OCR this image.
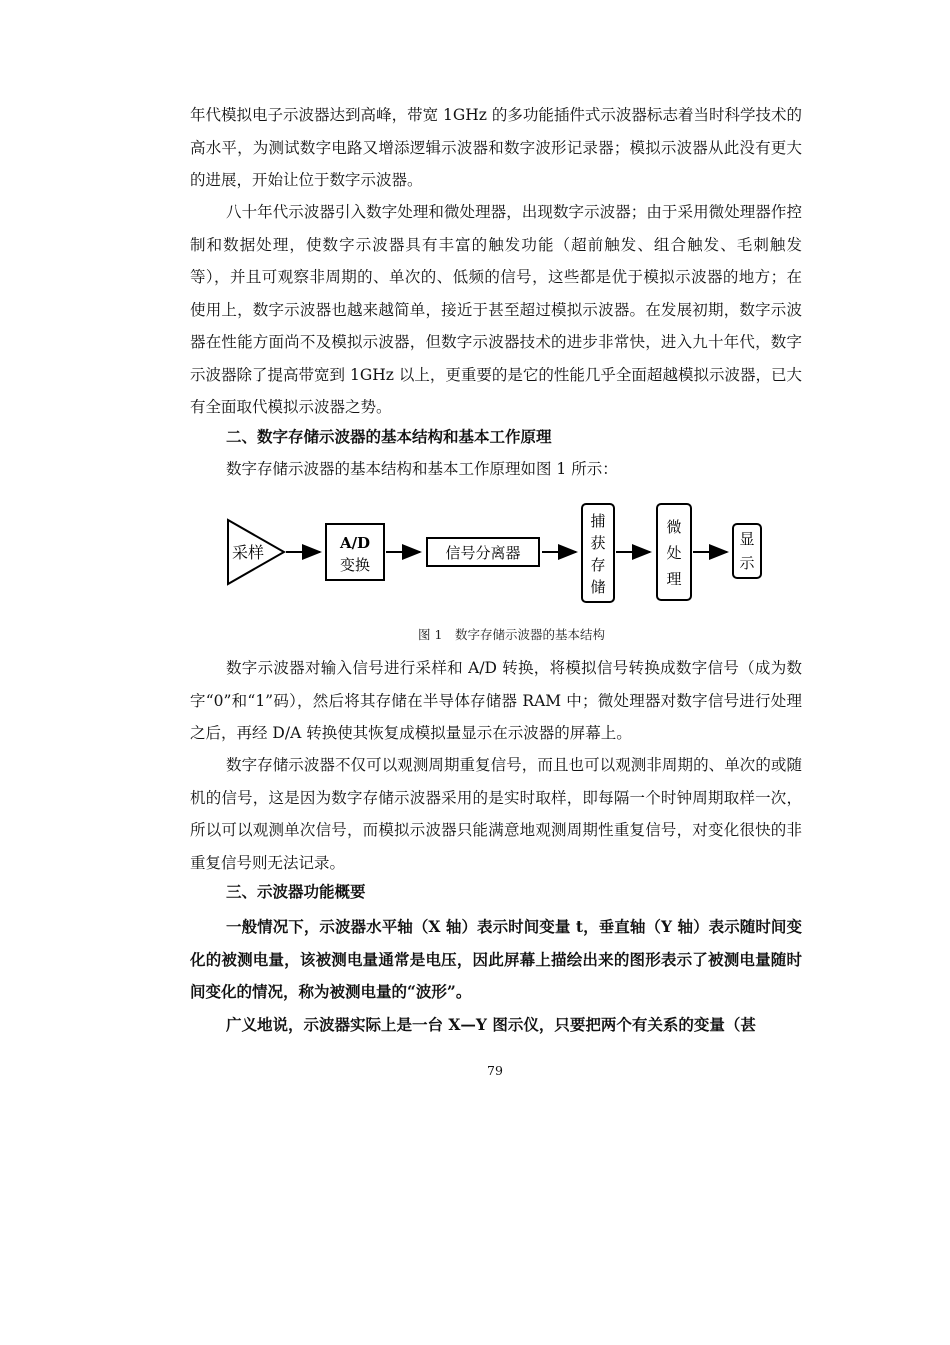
年代模拟电子示波器达到高峰，带宽 1GHz 的多功能插件式示波器标志着当时科学技术的高水平，为测试数字电路又增添逻辑示波器和数字波形记录器；模拟示波器从此没有更大的进展，开始让位于数字示波器。

八十年代示波器引入数字处理和微处理器，出现数字示波器；由于采用微处理器作控制和数据处理，使数字示波器具有丰富的触发功能（超前触发、组合触发、毛刺触发等），并且可观察非周期的、单次的、低频的信号，这些都是优于模拟示波器的地方；在使用上，数字示波器也越来越简单，接近于甚至超过模拟示波器。在发展初期，数字示波器在性能方面尚不及模拟示波器，但数字示波器技术的进步非常快，进入九十年代，数字示波器除了提高带宽到 1GHz 以上，更重要的是它的性能几乎全面超越模拟示波器，已大有全面取代模拟示波器之势。

二、数字存储示波器的基本结构和基本工作原理

数字存储示波器的基本结构和基本工作原理如图 1 所示：

采样	A/D
变换
信号分离器
捕
获
存
储
微
处
理
显
示
图 1　数字存储示波器的基本结构

数字示波器对输入信号进行采样和 A/D 转换，将模拟信号转换成数字信号（成为数字“0”和“1”码），然后将其存储在半导体存储器 RAM 中；微处理器对数字信号进行处理之后，再经 D/A 转换使其恢复成模拟量显示在示波器的屏幕上。

数字存储示波器不仅可以观测周期重复信号，而且也可以观测非周期的、单次的或随机的信号，这是因为数字存储示波器采用的是实时取样，即每隔一个时钟周期取样一次，所以可以观测单次信号，而模拟示波器只能满意地观测周期性重复信号，对变化很快的非重复信号则无法记录。

三、示波器功能概要

一般情况下，示波器水平轴（X 轴）表示时间变量 t，垂直轴（Y 轴）表示随时间变化的被测电量，该被测电量通常是电压，因此屏幕上描绘出来的图形表示了被测电量随时间变化的情况，称为被测电量的“波形”。

广义地说，示波器实际上是一台 X—Y 图示仪，只要把两个有关系的变量（甚

79
